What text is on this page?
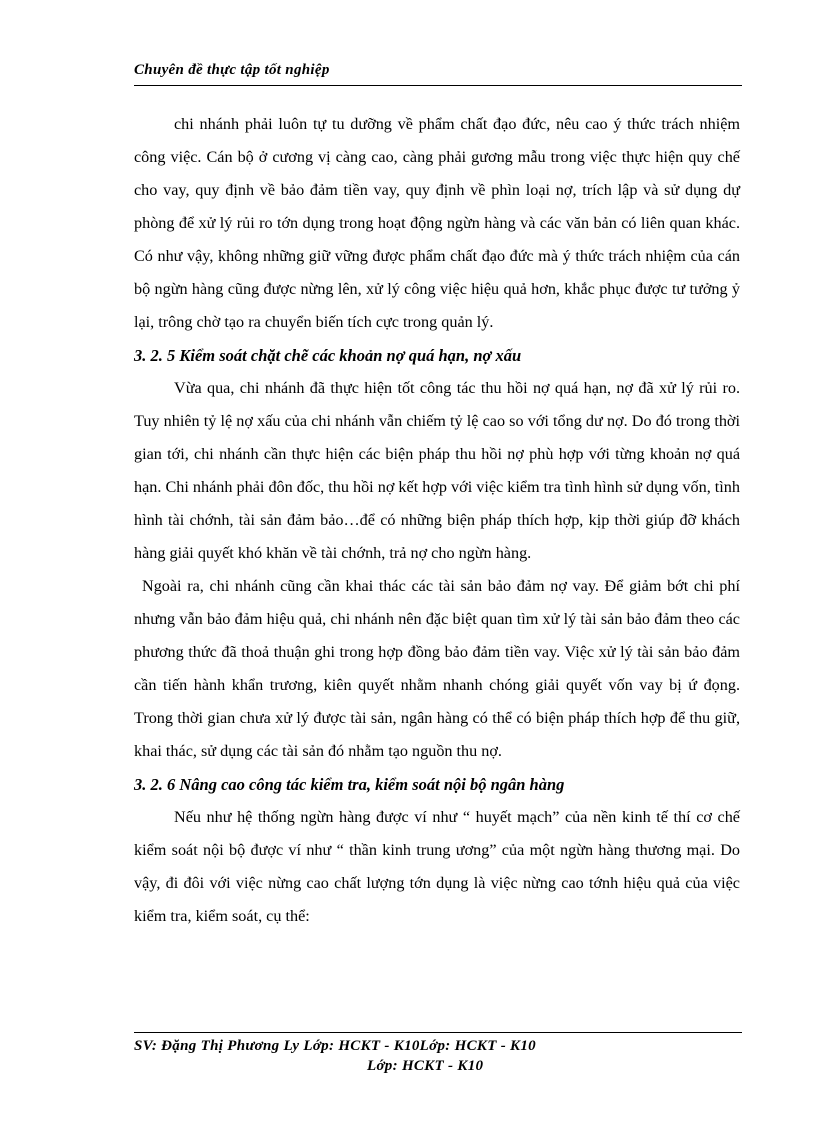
Chuyên đề thực tập tốt nghiệp

chi nhánh phải luôn tự tu dưỡng về phẩm chất đạo đức, nêu cao ý thức trách nhiệm công việc. Cán bộ ở cương vị càng cao, càng phải gương mẫu trong việc thực hiện quy chế cho vay, quy định về bảo đảm tiền vay, quy định về phìn loại nợ, trích lập và sử dụng dự phòng để xử lý rủi ro tớn dụng trong hoạt động ngừn hàng và các văn bản có liên quan khác. Có như vậy, không những giữ vững được phẩm chất đạo đức mà ý thức trách nhiệm của cán bộ ngừn hàng cũng được nừng lên, xử lý công việc hiệu quả hơn, khắc phục được tư tưởng ỷ lại, trông chờ tạo ra chuyển biến tích cực trong quản lý.

3. 2. 5 Kiểm soát chặt chẽ các khoản nợ quá hạn, nợ xấu

Vừa qua, chi nhánh đã thực hiện tốt công tác thu hồi nợ quá hạn, nợ đã xử lý rủi ro. Tuy nhiên tỷ lệ nợ xấu của chi nhánh vẫn chiếm tỷ lệ cao so với tổng dư nợ. Do đó trong thời gian tới, chi nhánh cần thực hiện các biện pháp thu hồi nợ phù hợp với từng khoản nợ quá hạn. Chi nhánh phải đôn đốc, thu hồi nợ kết hợp với việc kiểm tra tình hình sử dụng vốn, tình hình tài chớnh, tài sản đảm bảo…để có những biện pháp thích hợp, kịp thời giúp đỡ khách hàng giải quyết khó khăn về tài chớnh, trả nợ cho ngừn hàng.

Ngoài ra, chi nhánh cũng cần khai thác các tài sản bảo đảm nợ vay. Để giảm bớt chi phí nhưng vẫn bảo đảm hiệu quả, chi nhánh nên đặc biệt quan tìm xử lý tài sản bảo đảm theo các phương thức đã thoả thuận ghi trong hợp đồng bảo đảm tiền vay. Việc xử lý tài sản bảo đảm cần tiến hành khẩn trương, kiên quyết nhằm nhanh chóng giải quyết vốn vay bị ứ đọng. Trong thời gian chưa xử lý được tài sản, ngân hàng có thể có biện pháp thích hợp để thu giữ, khai thác, sử dụng các tài sản đó nhằm tạo nguồn thu nợ.

3. 2. 6 Nâng cao công tác kiểm tra, kiểm soát nội bộ ngân hàng

Nếu như hệ thống ngừn hàng được ví như “ huyết mạch” của nền kinh tế thí cơ chế kiểm soát nội bộ được ví như “ thần kinh trung ương” của một ngừn hàng thương mại. Do vậy, đi đôi với việc nừng cao chất lượng tớn dụng là việc nừng cao tớnh hiệu quả của việc kiểm tra, kiểm soát, cụ thể:

SV: Đặng Thị Phương Ly Lớp: HCKT - K10Lớp: HCKT - K10
Lớp: HCKT - K10
